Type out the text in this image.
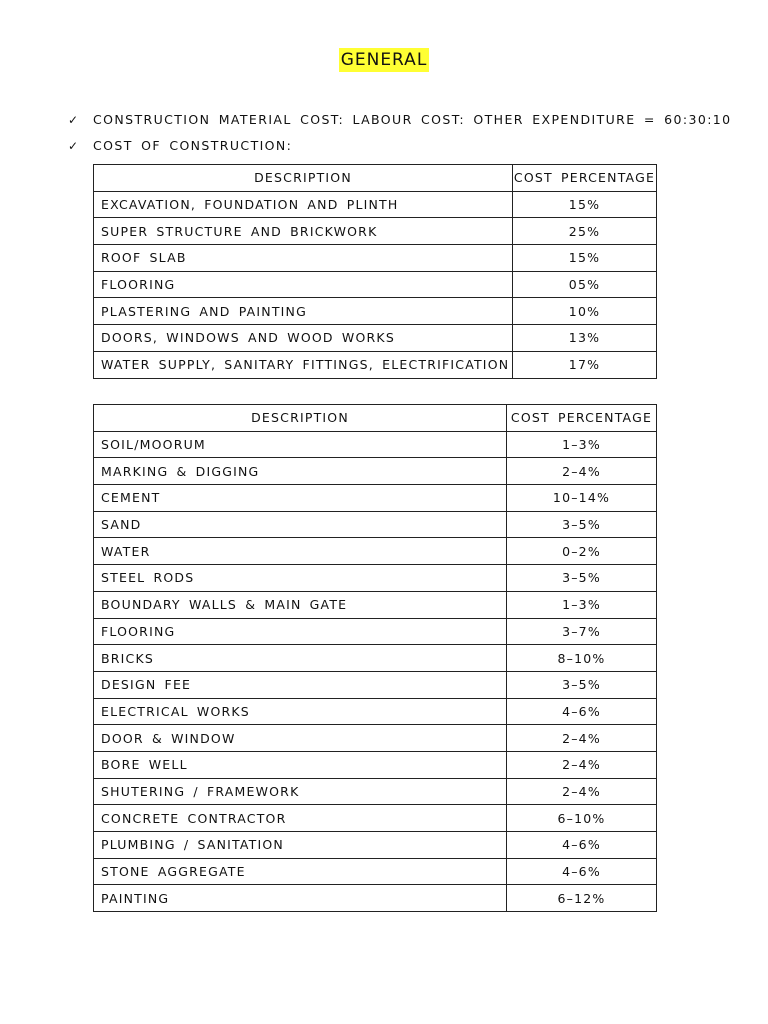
GENERAL
✓	CONSTRUCTION MATERIAL COST: LABOUR COST: OTHER EXPENDITURE = 60:30:10
✓	COST OF CONSTRUCTION:
DESCRIPTION	COST PERCENTAGE
EXCAVATION, FOUNDATION AND PLINTH	15%
SUPER STRUCTURE AND BRICKWORK	25%
ROOF SLAB	15%
FLOORING	05%
PLASTERING AND PAINTING	10%
DOORS, WINDOWS AND WOOD WORKS	13%
WATER SUPPLY, SANITARY FITTINGS, ELECTRIFICATION	17%
DESCRIPTION	COST PERCENTAGE
SOIL/MOORUM	1–3%
MARKING & DIGGING	2–4%
CEMENT	10–14%
SAND	3–5%
WATER	0–2%
STEEL RODS	3–5%
BOUNDARY WALLS & MAIN GATE	1–3%
FLOORING	3–7%
BRICKS	8–10%
DESIGN FEE	3–5%
ELECTRICAL WORKS	4–6%
DOOR & WINDOW	2–4%
BORE WELL	2–4%
SHUTERING / FRAMEWORK	2–4%
CONCRETE CONTRACTOR	6–10%
PLUMBING / SANITATION	4–6%
STONE AGGREGATE	4–6%
PAINTING	6–12%
